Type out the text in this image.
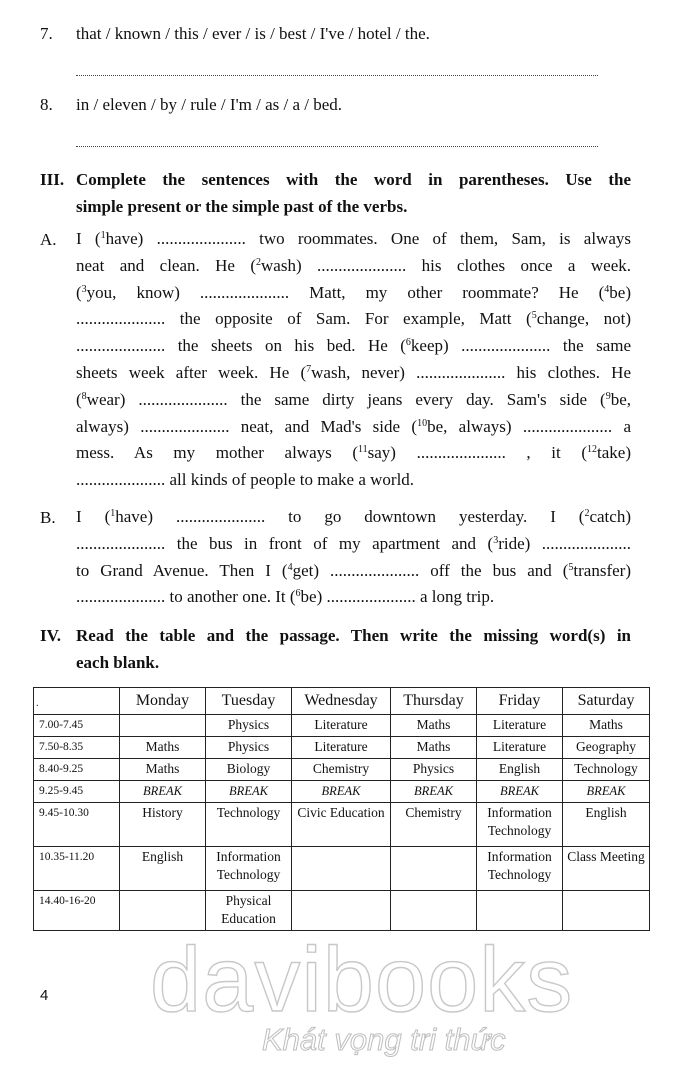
7. that / known / this / ever / is / best / I've / hotel / the.
8. in / eleven / by / rule / I'm / as / a / bed.
III. Complete the sentences with the word in parentheses. Use the
simple present or the simple past of the verbs.
A. I ($^1$have) ..................... two roommates. One of them, Sam, is always
neat and clean. He ($^2$wash) ..................... his clothes once a week.
($^3$you, know) ..................... Matt, my other roommate? He ($^4$be)
..................... the opposite of Sam. For example, Matt ($^5$change, not)
..................... the sheets on his bed. He ($^6$keep) ..................... the same
sheets week after week. He ($^7$wash, never) ..................... his clothes. He
($^8$wear) ..................... the same dirty jeans every day. Sam's side ($^9$be,
always) ..................... neat, and Mad's side ($^{10}$be, always) ..................... a
mess. As my mother always ($^{11}$say) ..................... , it ($^{12}$take)
..................... all kinds of people to make a world.
B. I ($^1$have) ..................... to go downtown yesterday. I ($^2$catch)
..................... the bus in front of my apartment and ($^3$ride) .....................
to Grand Avenue. Then I ($^4$get) ..................... off the bus and ($^5$transfer)
..................... to another one. It ($^6$be) ..................... a long trip.
IV. Read the table and the passage. Then write the missing word(s) in
each blank.
.	Monday	Tuesday	Wednesday	Thursday	Friday	Saturday
7.00-7.45		Physics	Literature	Maths	Literature	Maths
7.50-8.35	Maths	Physics	Literature	Maths	Literature	Geography
8.40-9.25	Maths	Biology	Chemistry	Physics	English	Technology
9.25-9.45	BREAK	BREAK	BREAK	BREAK	BREAK	BREAK
9.45-10.30	History	Technology	Civic Education	Chemistry	Information Technology	English
10.35-11.20	English	Information Technology			Information Technology	Class Meeting
14.40-16-20		Physical Education				
4 davibooks
Khát vọng tri thức
